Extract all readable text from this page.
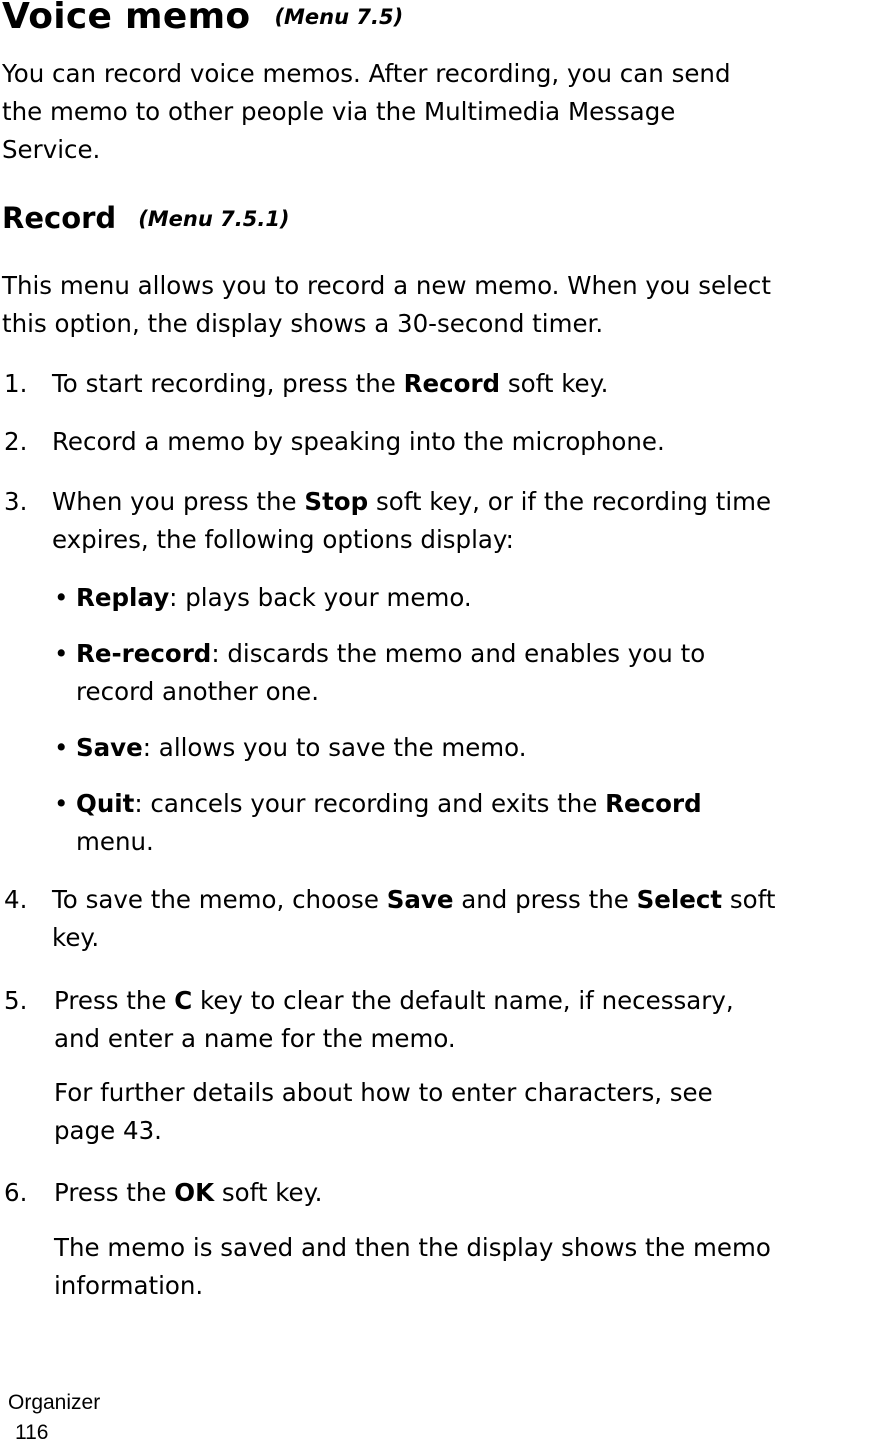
Voice memo (Menu 7.5)

You can record voice memos. After recording, you can send
the memo to other people via the Multimedia Message
Service.

Record (Menu 7.5.1)

This menu allows you to record a new memo. When you select
this option, the display shows a 30-second timer.

1. To start recording, press the Record soft key.

2. Record a memo by speaking into the microphone.

3. When you press the Stop soft key, or if the recording time
expires, the following options display:

• Replay: plays back your memo.

• Re-record: discards the memo and enables you to
record another one.

• Save: allows you to save the memo.

• Quit: cancels your recording and exits the Record
menu.

4. To save the memo, choose Save and press the Select soft
key.

5. Press the C key to clear the default name, if necessary,
and enter a name for the memo.

For further details about how to enter characters, see
page 43.

6. Press the OK soft key.

The memo is saved and then the display shows the memo
information.

Organizer
116
